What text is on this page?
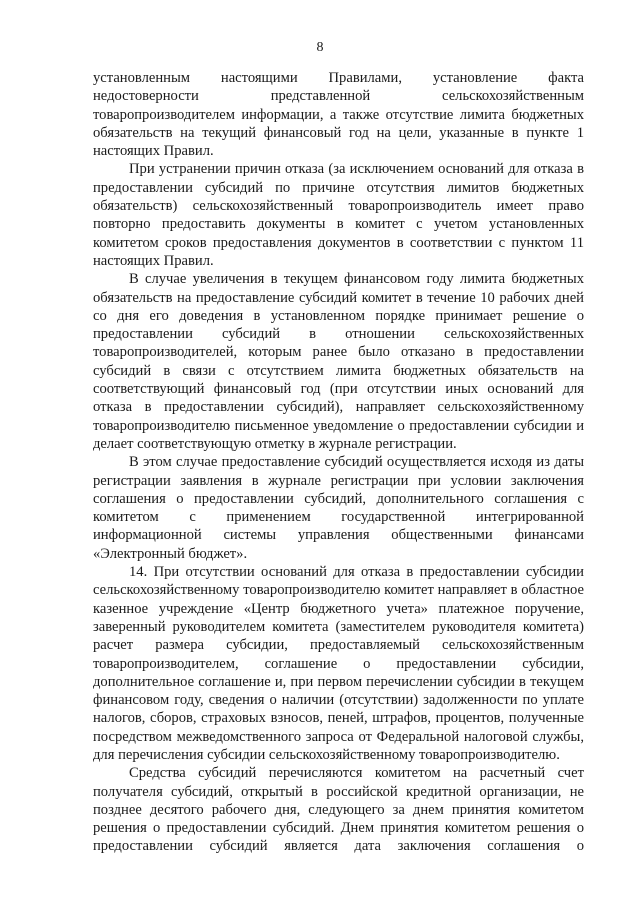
8

установленным настоящими Правилами, установление факта недостоверности представленной сельскохозяйственным товаропроизводителем информации, а также отсутствие лимита бюджетных обязательств на текущий финансовый год на цели, указанные в пункте 1 настоящих Правил.

При устранении причин отказа (за исключением оснований для отказа в предоставлении субсидий по причине отсутствия лимитов бюджетных обязательств) сельскохозяйственный товаропроизводитель имеет право повторно предоставить документы в комитет с учетом установленных комитетом сроков предоставления документов в соответствии с пунктом 11 настоящих Правил.

В случае увеличения в текущем финансовом году лимита бюджетных обязательств на предоставление субсидий комитет в течение 10 рабочих дней со дня его доведения в установленном порядке принимает решение о предоставлении субсидий в отношении сельскохозяйственных товаропроизводителей, которым ранее было отказано в предоставлении субсидий в связи с отсутствием лимита бюджетных обязательств на соответствующий финансовый год (при отсутствии иных оснований для отказа в предоставлении субсидий), направляет сельскохозяйственному товаропроизводителю письменное уведомление о предоставлении субсидии и делает соответствующую отметку в журнале регистрации.

В этом случае предоставление субсидий осуществляется исходя из даты регистрации заявления в журнале регистрации при условии заключения соглашения о предоставлении субсидий, дополнительного соглашения с комитетом с применением государственной интегрированной информационной системы управления общественными финансами «Электронный бюджет».

14. При отсутствии оснований для отказа в предоставлении субсидии сельскохозяйственному товаропроизводителю комитет направляет в областное казенное учреждение «Центр бюджетного учета» платежное поручение, заверенный руководителем комитета (заместителем руководителя комитета) расчет размера субсидии, предоставляемый сельскохозяйственным товаропроизводителем, соглашение о предоставлении субсидии, дополнительное соглашение и, при первом перечислении субсидии в текущем финансовом году, сведения о наличии (отсутствии) задолженности по уплате налогов, сборов, страховых взносов, пеней, штрафов, процентов, полученные посредством межведомственного запроса от Федеральной налоговой службы, для перечисления субсидии сельскохозяйственному товаропроизводителю.

Средства субсидий перечисляются комитетом на расчетный счет получателя субсидий, открытый в российской кредитной организации, не позднее десятого рабочего дня, следующего за днем принятия комитетом решения о предоставлении субсидий. Днем принятия комитетом решения о предоставлении субсидий является дата заключения соглашения о
